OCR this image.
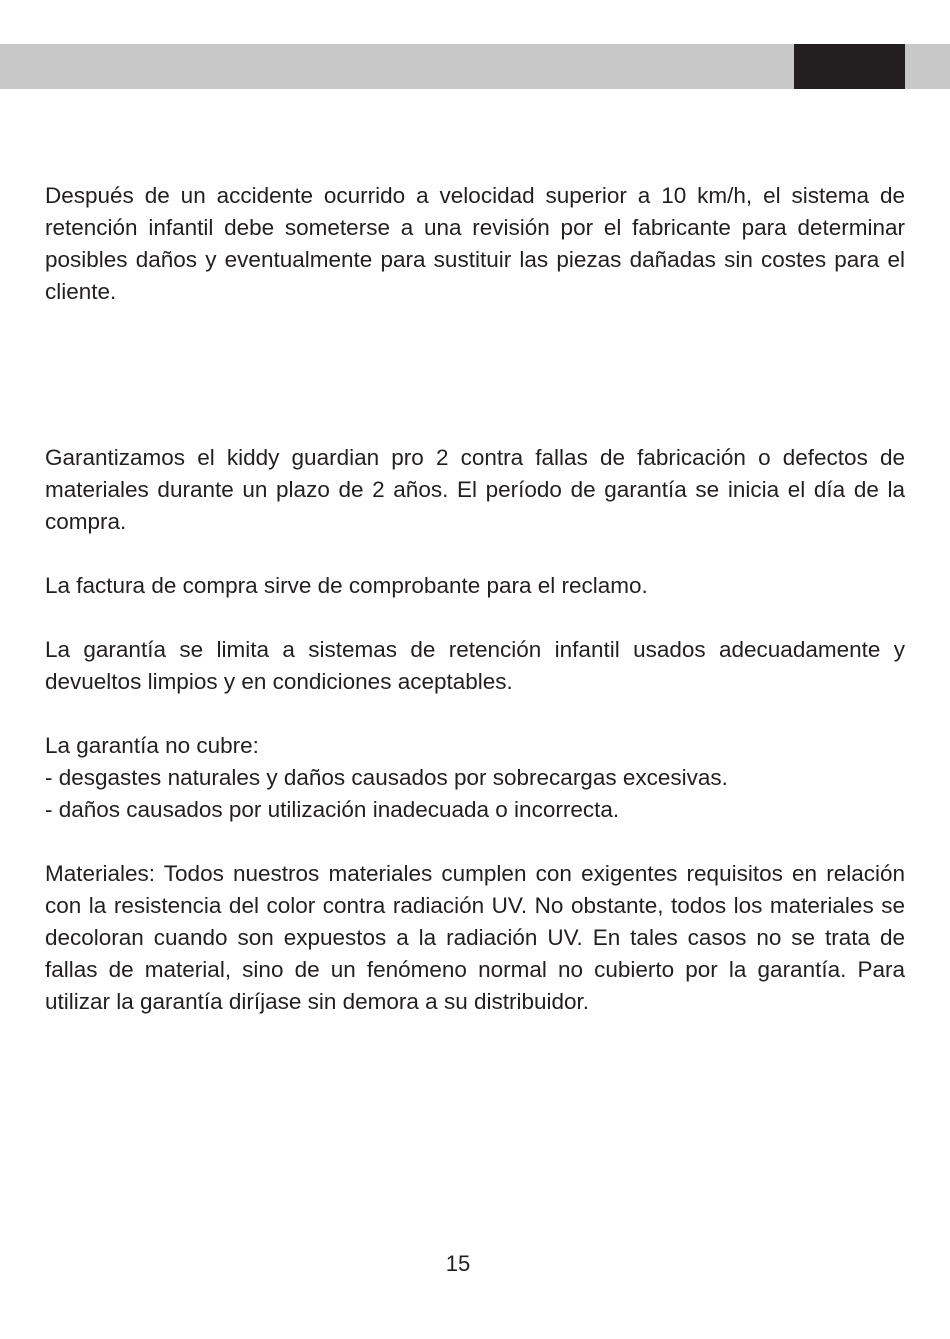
Después de un accidente ocurrido a velocidad superior a 10 km/h, el sistema de retención infantil debe someterse a una revisión por el fabricante para determinar posibles daños y eventualmente para sustituir las piezas dañadas sin costes para el cliente.

Garantizamos el kiddy guardian pro 2 contra fallas de fabricación o defectos de materiales durante un plazo de 2 años. El período de garantía se inicia el día de la compra.

La factura de compra sirve de comprobante para el reclamo.

La garantía se limita a sistemas de retención infantil usados adecuadamente y devueltos limpios y en condiciones aceptables.

La garantía no cubre:

- desgastes naturales y daños causados por sobrecargas excesivas.

- daños causados por utilización inadecuada o incorrecta.

Materiales: Todos nuestros materiales cumplen con exigentes requisitos en relación con la resistencia del color contra radiación UV. No obstante, todos los materiales se decoloran cuando son expuestos a la radiación UV. En tales casos no se trata de fallas de material, sino de un fenómeno normal no cubierto por la garantía. Para utilizar la garantía diríjase sin demora a su distribuidor.

15
